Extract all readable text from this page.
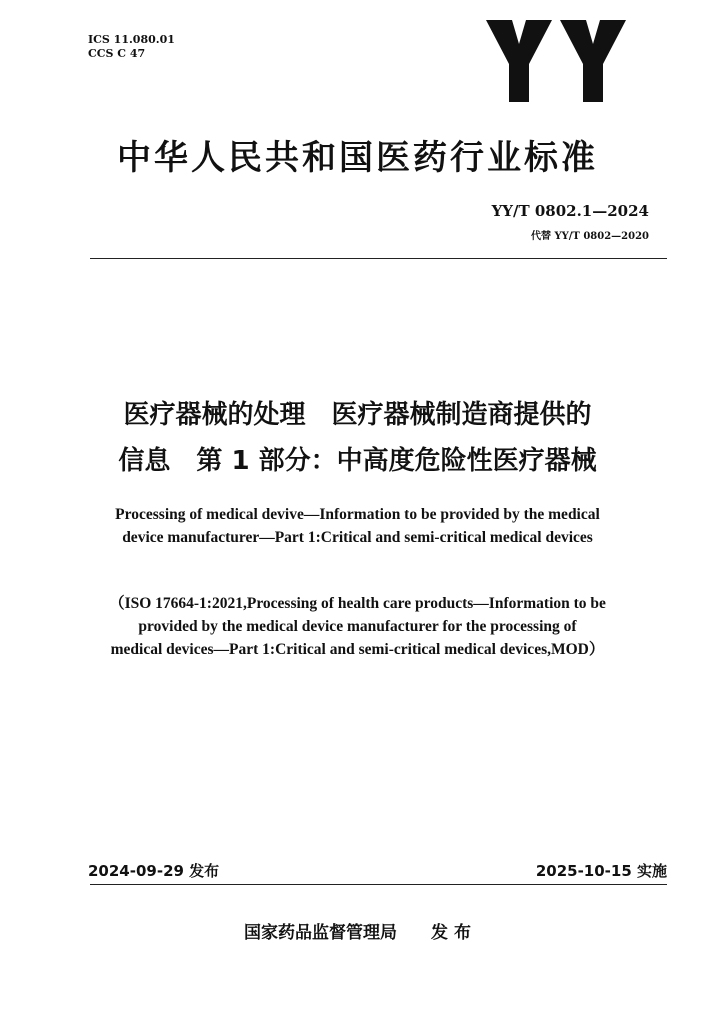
ICS 11.080.01
CCS C 47
中华人民共和国医药行业标准
YY/T 0802.1—2024
代替 YY/T 0802—2020
医疗器械的处理　医疗器械制造商提供的
信息　第 1 部分：中高度危险性医疗器械
Processing of medical devive—Information to be provided by the medical
device manufacturer—Part 1:Critical and semi-critical medical devices
（ISO 17664-1:2021,Processing of health care products—Information to be
provided by the medical device manufacturer for the processing of
medical devices—Part 1:Critical and semi-critical medical devices,MOD）
2024-09-29 发布	2025-10-15 实施
国家药品监督管理局 发 布
